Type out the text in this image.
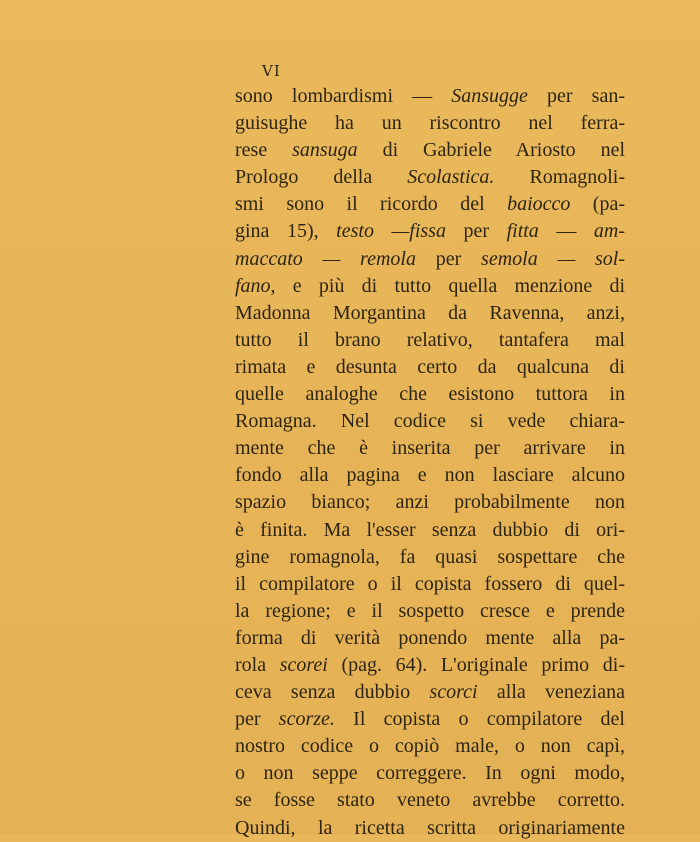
VI
sono lombardismi — Sansugge per san-
guisughe ha un riscontro nel ferra-
rese sansuga di Gabriele Ariosto nel
Prologo della Scolastica. Romagnoli-
smi sono il ricordo del baiocco (pa-
gina 15), testo —fissa per fitta — am-
maccato — remola per semola — sol-
fano, e più di tutto quella menzione di
Madonna Morgantina da Ravenna, anzi,
tutto il brano relativo, tantafera mal
rimata e desunta certo da qualcuna di
quelle analoghe che esistono tuttora in
Romagna. Nel codice si vede chiara-
mente che è inserita per arrivare in
fondo alla pagina e non lasciare alcuno
spazio bianco; anzi probabilmente non
è finita. Ma l'esser senza dubbio di ori-
gine romagnola, fa quasi sospettare che
il compilatore o il copista fossero di quel-
la regione; e il sospetto cresce e prende
forma di verità ponendo mente alla pa-
rola scorei (pag. 64). L'originale primo di-
ceva senza dubbio scorci alla veneziana
per scorze. Il copista o compilatore del
nostro codice o copiò male, o non capì,
o non seppe correggere. In ogni modo,
se fosse stato veneto avrebbe corretto.
Quindi, la ricetta scritta originariamente
